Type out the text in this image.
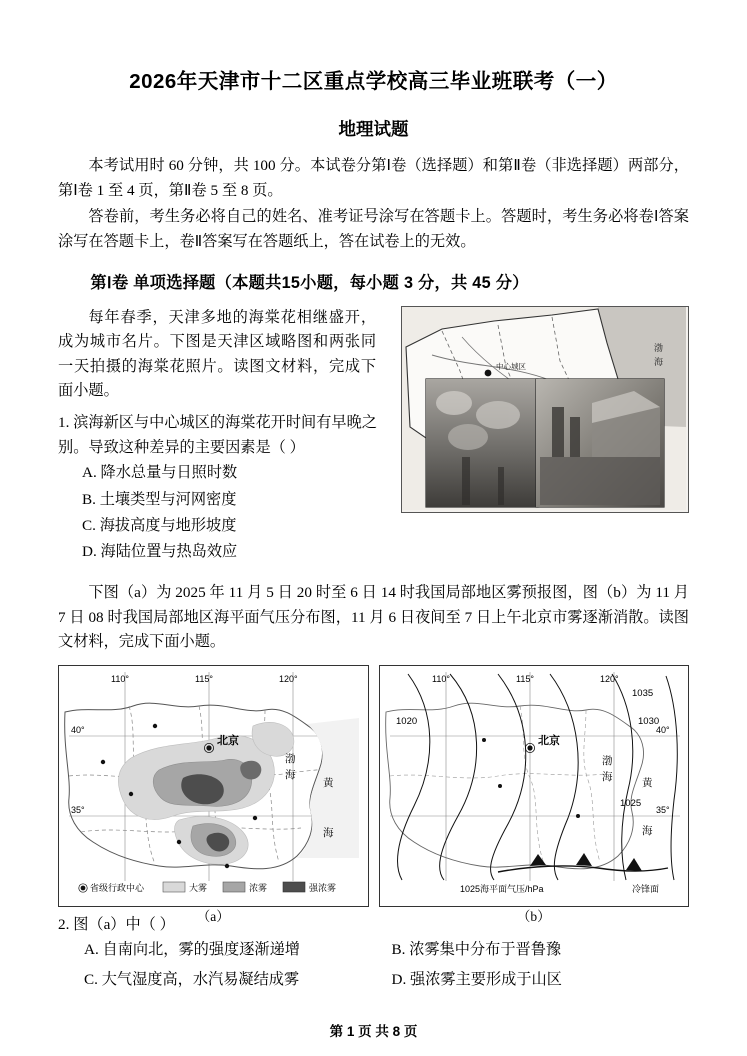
2026年天津市十二区重点学校高三毕业班联考（一）
地理试题

本考试用时 60 分钟，共 100 分。本试卷分第Ⅰ卷（选择题）和第Ⅱ卷（非选择题）两部分，第Ⅰ卷 1 至 4 页，第Ⅱ卷 5 至 8 页。

答卷前，考生务必将自己的姓名、准考证号涂写在答题卡上。答题时，考生务必将卷Ⅰ答案涂写在答题卡上，卷Ⅱ答案写在答题纸上，答在试卷上的无效。

第Ⅰ卷 单项选择题（本题共15小题，每小题 3 分，共 45 分）

中心城区
渤
海

每年春季，天津多地的海棠花相继盛开，成为城市名片。下图是天津区域略图和两张同一天拍摄的海棠花照片。读图文材料，完成下面小题。

1. 滨海新区与中心城区的海棠花开时间有早晚之别。导致这种差异的主要因素是（ ）

A. 降水总量与日照时数
B. 土壤类型与河网密度
C. 海拔高度与地形坡度
D. 海陆位置与热岛效应

下图（a）为 2025 年 11 月 5 日 20 时至 6 日 14 时我国局部地区雾预报图，图（b）为 11 月 7 日 08 时我国局部地区海平面气压分布图，11 月 6 日夜间至 7 日上午北京市雾逐渐消散。读图文材料，完成下面小题。

110°	115°	120°
40°
35°
北京
渤
海
黄
海
省级行政中心	大雾	浓雾	强浓雾
（a）
110°	115°	120°
40°
35°
1035
1030
1025
1020
北京
渤
海
黄
海
1025海平面气压/hPa	冷锋面
（b）
2. 图（a）中（ ）
A. 自南向北，雾的强度逐渐递增	B. 浓雾集中分布于晋鲁豫
C. 大气湿度高，水汽易凝结成雾	D. 强浓雾主要形成于山区
第 1 页 共 8 页
